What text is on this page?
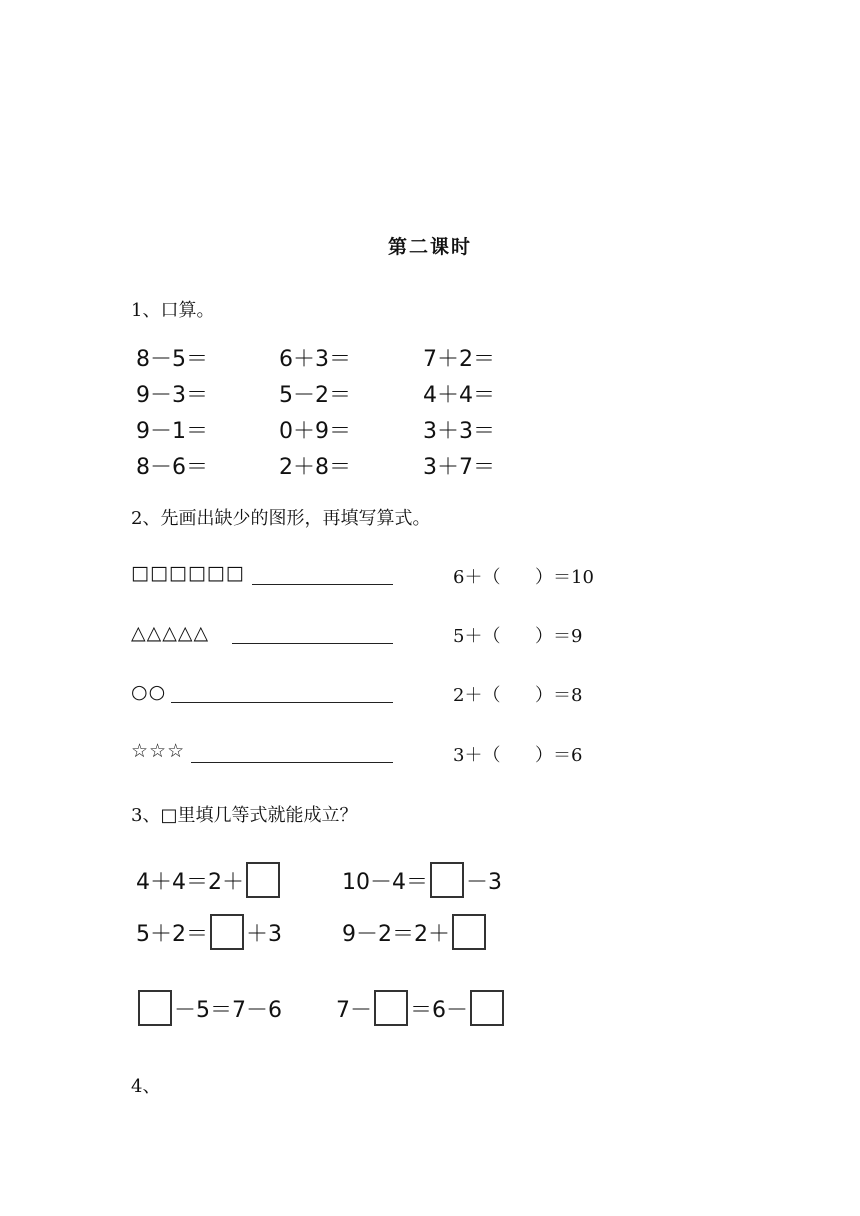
第二课时
1、口算。
8－5＝	6＋3＝	7＋2＝
9－3＝	5－2＝	4＋4＝
9－1＝	0＋9＝	3＋3＝
8－6＝	2＋8＝	3＋7＝
2、先画出缺少的图形，再填写算式。
□□□□□□	6＋（ ）＝10
△△△△△	5＋（ ）＝9
○○	2＋（ ）＝8
☆☆☆	3＋（ ）＝6
3、□里填几等式就能成立？
4＋4＝2＋	10－4＝ －3
5＋2＝ ＋3	9－2＝2＋
－5＝7－6 7－ ＝6－
4、
